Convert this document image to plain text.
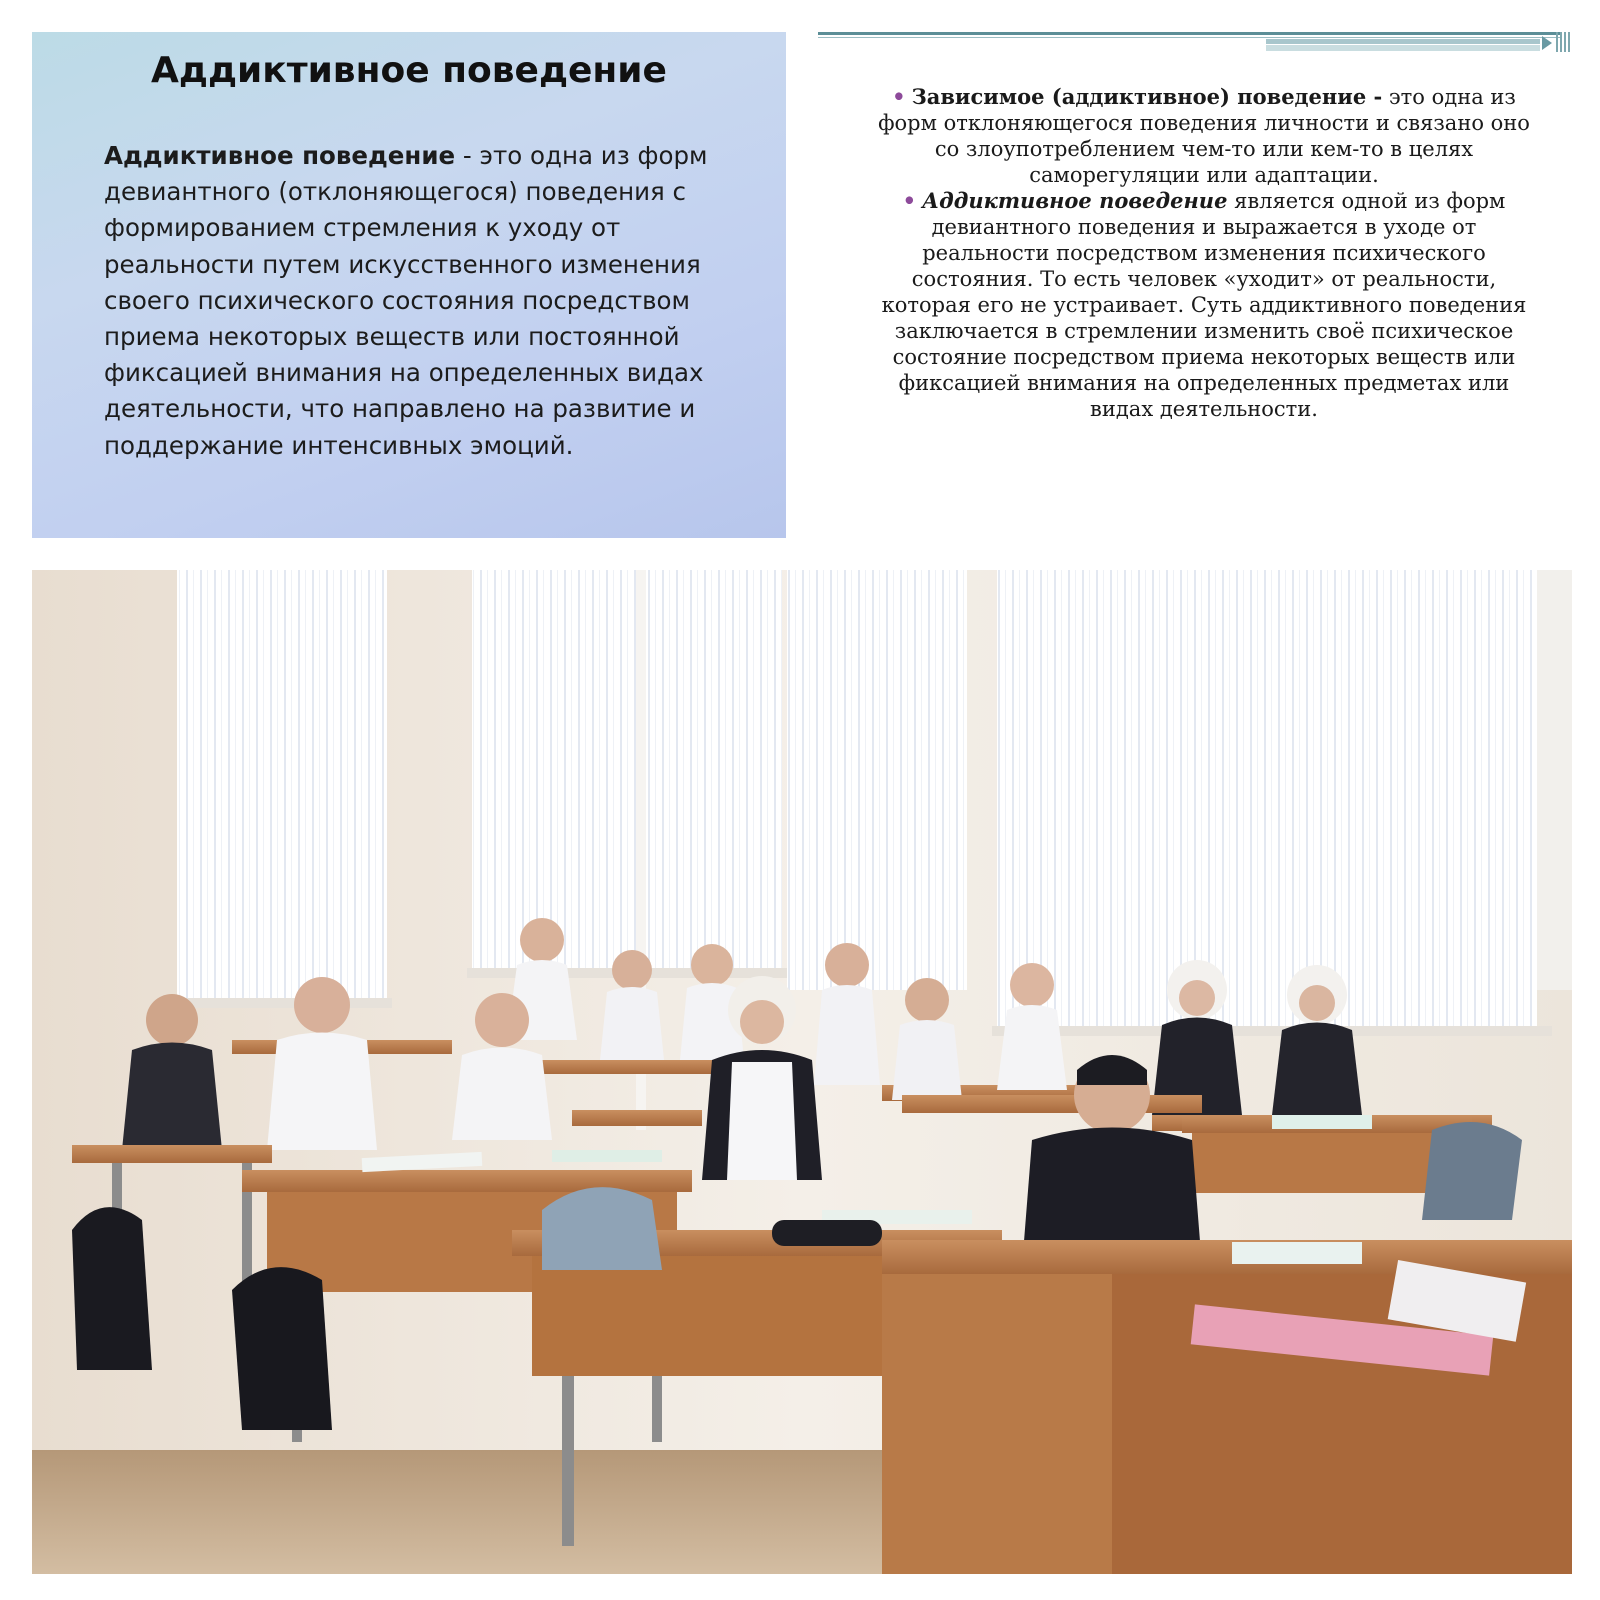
Аддиктивное поведение
Аддиктивное поведение - это одна из форм девиантного (отклоняющегося) поведения с формированием стремления к уходу от реальности путем искусственного изменения своего психического состояния посредством приема некоторых веществ или постоянной фиксацией внимания на определенных видах деятельности, что направлено на развитие и поддержание интенсивных эмоций.
• Зависимое (аддиктивное) поведение - это одна из форм отклоняющегося поведения личности и связано оно со злоупотреблением чем-то или кем-то в целях саморегуляции или адаптации.
• Аддиктивное поведение является одной из форм девиантного поведения и выражается в уходе от реальности посредством изменения психического состояния. То есть человек «уходит» от реальности, которая его не устраивает. Суть аддиктивного поведения заключается в стремлении изменить своё психическое состояние посредством приема некоторых веществ или фиксацией внимания на определенных предметах или видах деятельности.
